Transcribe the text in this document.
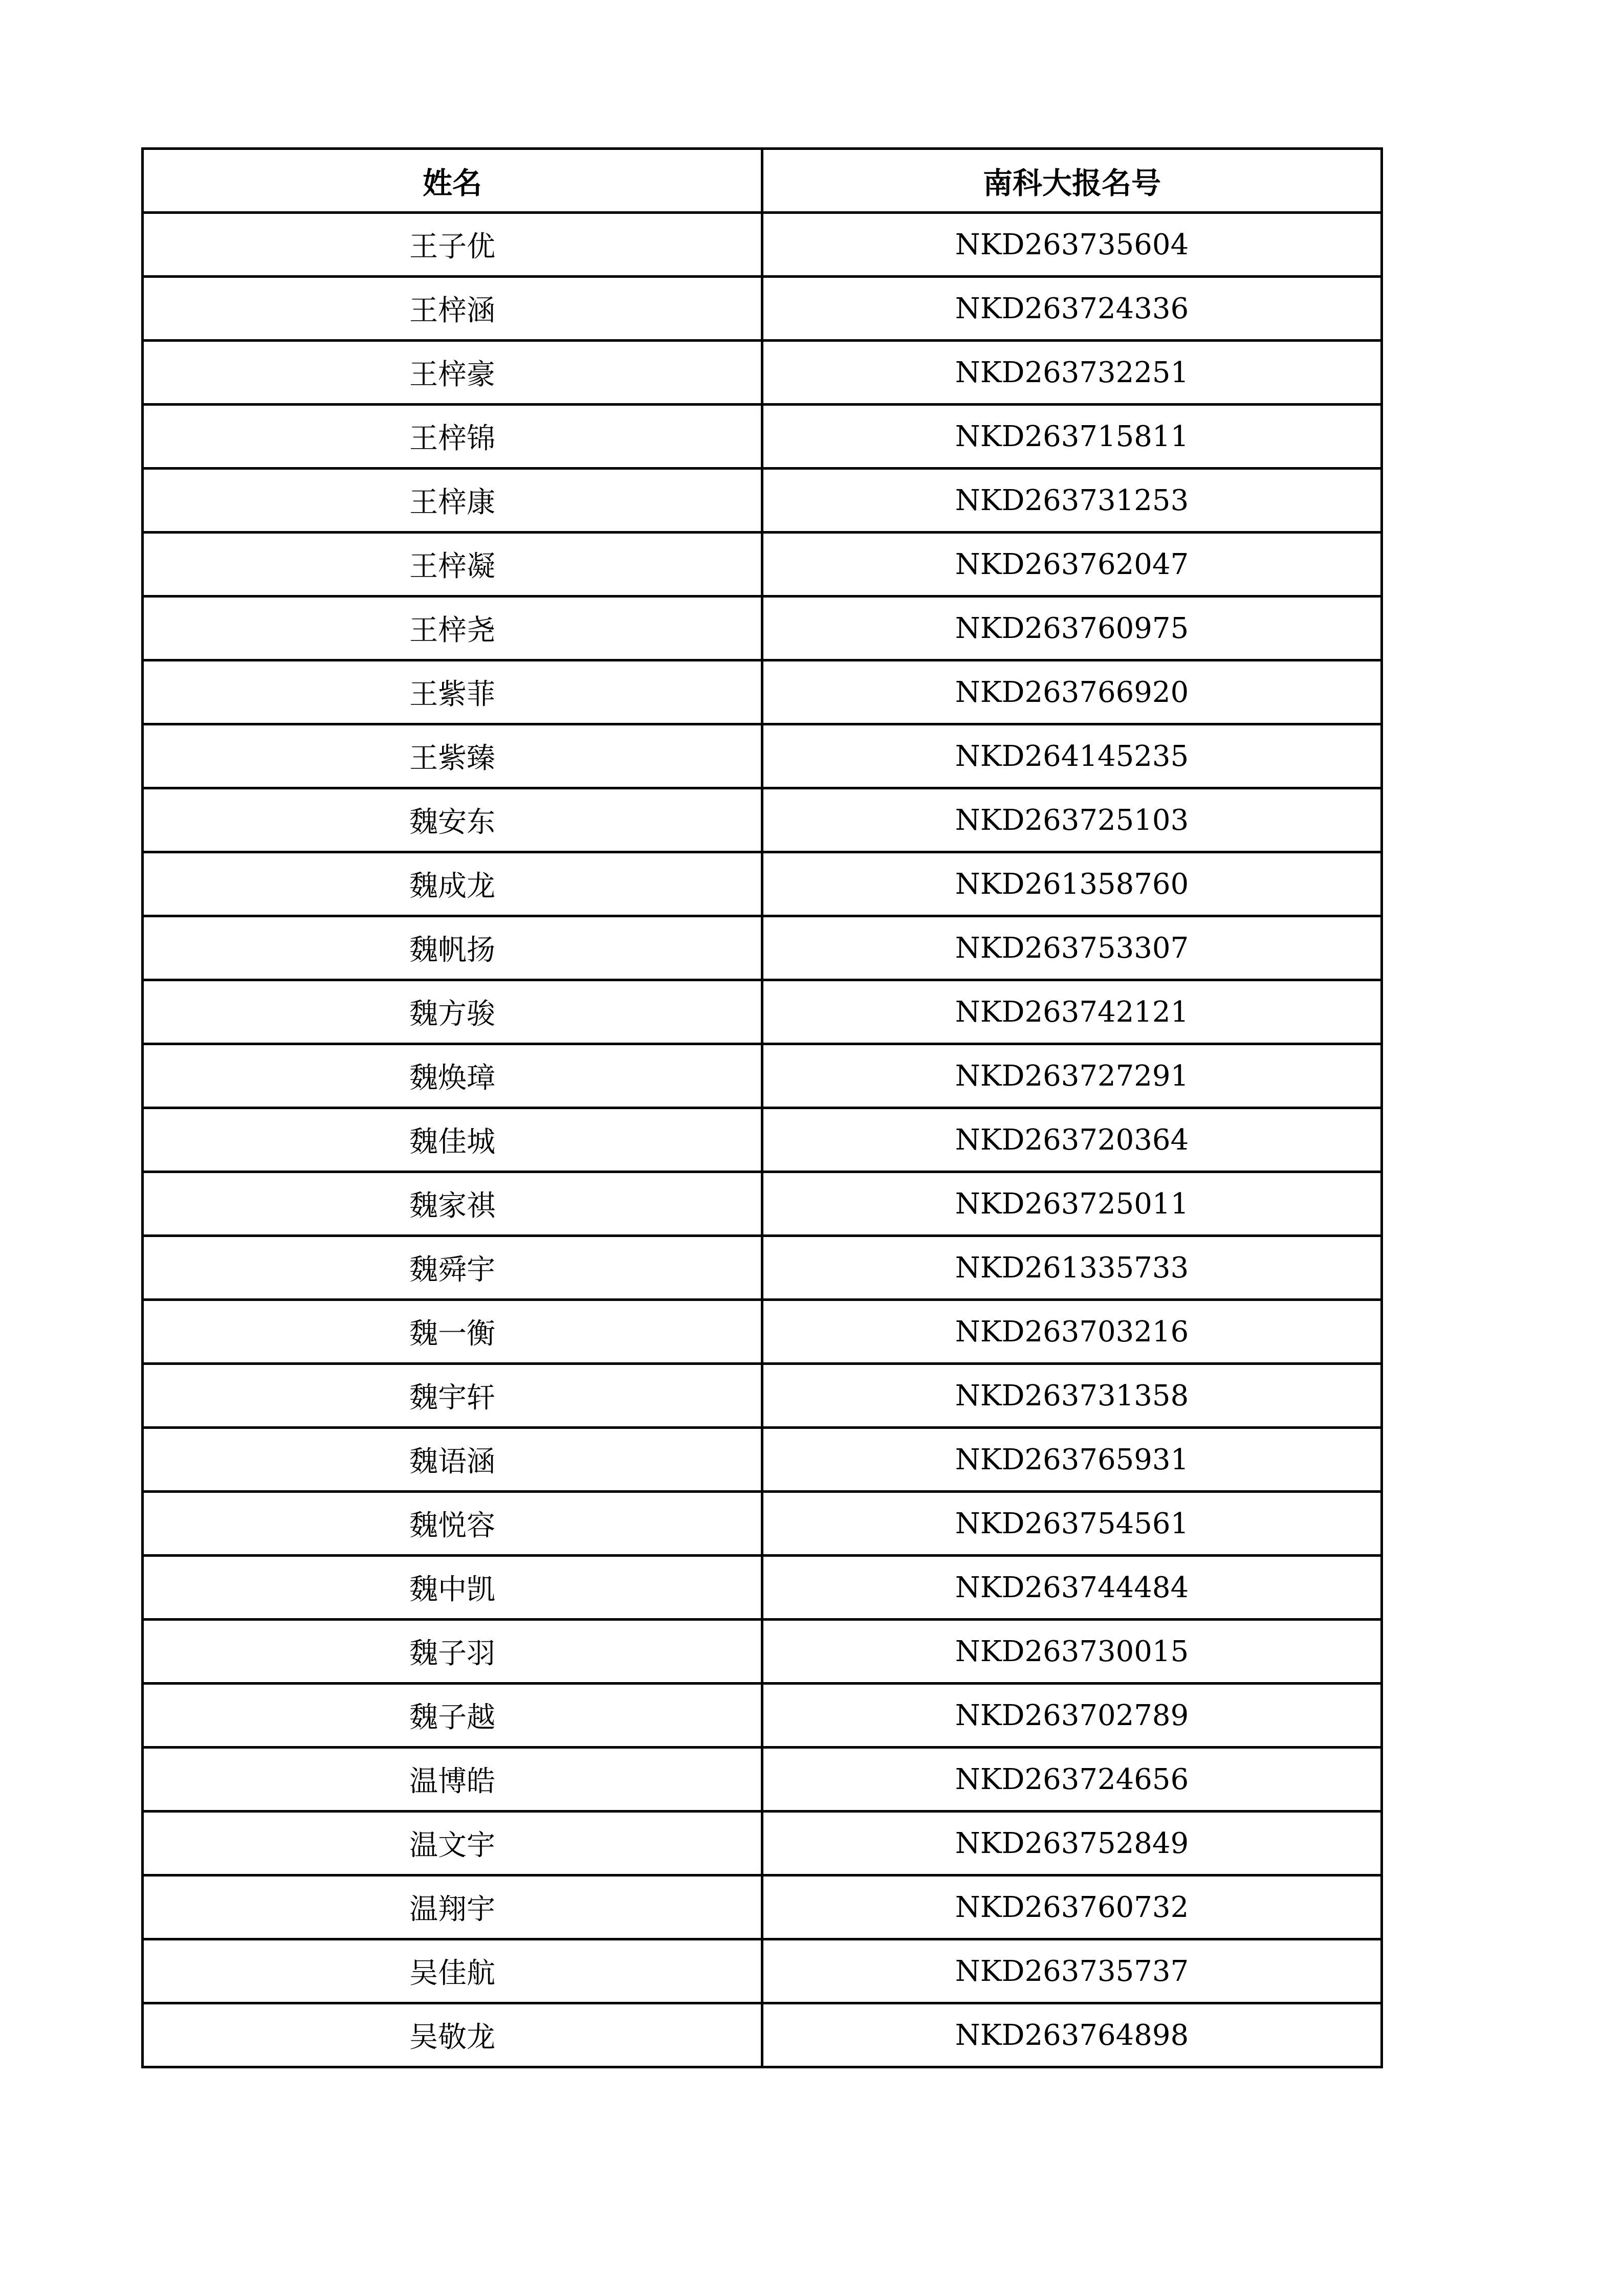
姓名	南科大报名号
王子优	NKD263735604
王梓涵	NKD263724336
王梓豪	NKD263732251
王梓锦	NKD263715811
王梓康	NKD263731253
王梓凝	NKD263762047
王梓尧	NKD263760975
王紫菲	NKD263766920
王紫臻	NKD264145235
魏安东	NKD263725103
魏成龙	NKD261358760
魏帆扬	NKD263753307
魏方骏	NKD263742121
魏焕璋	NKD263727291
魏佳城	NKD263720364
魏家祺	NKD263725011
魏舜宇	NKD261335733
魏一衡	NKD263703216
魏宇轩	NKD263731358
魏语涵	NKD263765931
魏悦容	NKD263754561
魏中凯	NKD263744484
魏子羽	NKD263730015
魏子越	NKD263702789
温博皓	NKD263724656
温文宇	NKD263752849
温翔宇	NKD263760732
吴佳航	NKD263735737
吴敬龙	NKD263764898
